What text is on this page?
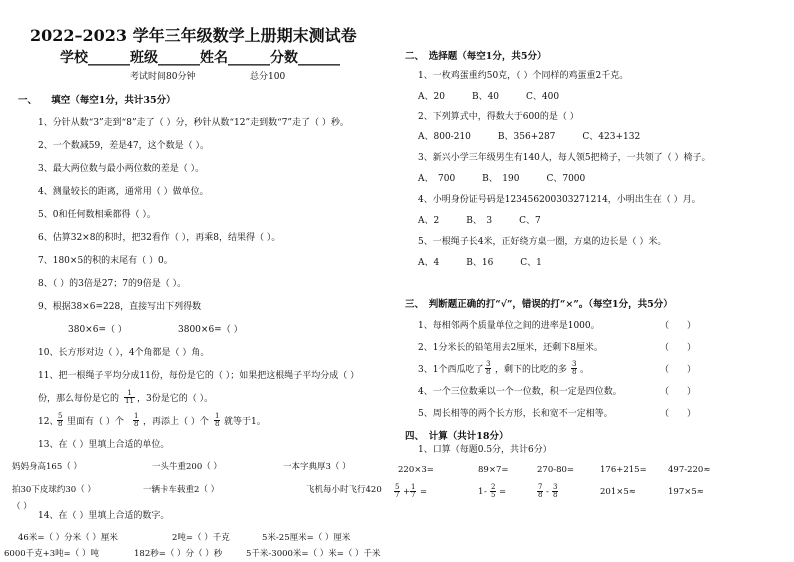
2022–2023 学年三年级数学上册期末测试卷
学校______班级______姓名______分数______
考试时间80分钟	总分100
一、　　填空（每空1分，共计35分）
1、分针从数“3”走到“8”走了（ ）分，秒针从数“12”走到数“7”走了（ ）秒。
2、一个数减59，差是47，这个数是（ ）。
3、最大两位数与最小两位数的差是（ ）。
4、测量较长的距离，通常用（ ）做单位。
5、0和任何数相乘都得（ ）。
6、估算32×8的积时，把32看作（ ），再乘8，结果得（ ）。
7、180×5的积的末尾有（ ）0。
8、（ ）的3倍是27；7的9倍是（ ）。
9、根据38×6=228，直接写出下列得数
380×6=（ ）	3800×6=（ ）
10、长方形对边（ ），4个角都是（ ）角。
11、把一根绳子平均分成11份，每份是它的（ ）；如果把这根绳子平均分成（ ）
份，那么每份是它的 $\frac{1}{11}$ ，3份是它的（ ）。
12、
$\frac{5}{8}$ 里面有（ ）个 $\frac{1}{8}$ ，再添上（ ）个 $\frac{1}{8}$ 就等于1。
13、在（ ）里填上合适的单位。
妈妈身高165（ ）	一头牛重200（ ）	一本字典厚3（ ）
拍30下皮球约30（ ）	一辆卡车载重2（ ）	飞机每小时飞行420
（ ）
14、在（ ）里填上合适的数字。
46米=（ ）分米（ ）厘米	2吨=（ ）千克	5米-25厘米=（ ）厘米
6000千克+3吨=（ ）吨	182秒=（ ）分（ ）秒	5千米-3000米=（ ）米=（ ）千米
二、　选择题（每空1分，共5分）
1、一枚鸡蛋重约50克，（ ）个同样的鸡蛋重2千克。
A、20　　　B、40　　　C、400
2、下列算式中，得数大于600的是（ ）
A、800-210　　　B、356+287　　　C、423+132
3、新兴小学三年级男生有140人，每人领5把椅子，一共领了（ ）椅子。
A、　700　　　B、　190　　　C、7000
4、小明身份证号码是123456200303271214，小明出生在（ ）月。
A、2　　　B、　3　　　C、7
5、一根绳子长4米，正好绕方桌一圈，方桌的边长是（ ）米。
A、4　　　B、16　　　C、1
三、　判断题正确的打“√”，错误的打“×”。（每空1分，共5分）
1、每相邻两个质量单位之间的进率是1000。	（　　）
2、1分米长的铅笔用去2厘米，还剩下8厘米。	（　　）
3、1个西瓜吃了 $\frac{3}{8}$ ，剩下的比吃的多 $\frac{3}{8}$ 。	（　　）
4、一个三位数乘以一个一位数，积一定是四位数。	（　　）
5、周长相等的两个长方形，长和宽不一定相等。	（　　）
四、　计算（共计18分）
1、口算（每题0.5分，共计6分）
220×3=	89×7=	270-80=	176+215=	497-220≈
$\frac{5}{7} + \frac{1}{7}$ =	$1 - \frac{2}{5}$ =	$\frac{7}{8} - \frac{3}{8}$	201×5≈	197×5≈
